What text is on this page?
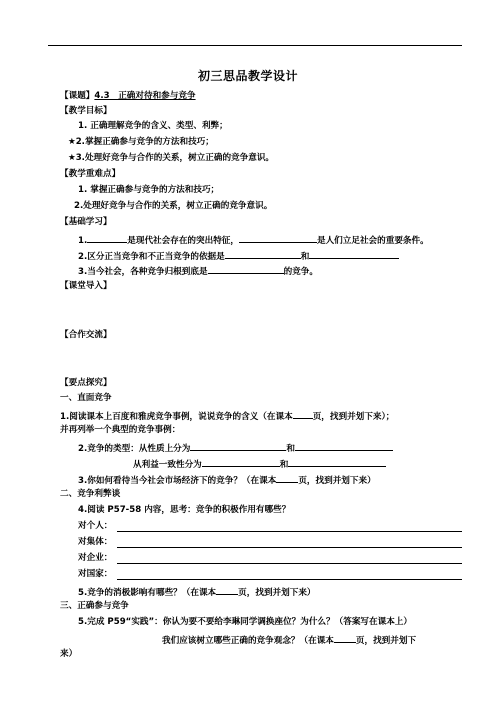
初三思品教学设计
【课题】4.3　正确对待和参与竞争
【教学目标】
1. 正确理解竞争的含义、类型、利弊；
★2.掌握正确参与竞争的方法和技巧；
★3.处理好竞争与合作的关系，树立正确的竞争意识。
【教学重难点】
1. 掌握正确参与竞争的方法和技巧；
2.处理好竞争与合作的关系，树立正确的竞争意识。
【基础学习】
1.	是现代社会存在的突出特征，	是人们立足社会的重要条件。
2.区分正当竞争和不正当竞争的依据是	和
3.当今社会，各种竞争归根到底是	的竞争。
【课堂导入】
【合作交流】
【要点探究】
一、直面竞争
1.阅读课本上百度和雅虎竞争事例，说说竞争的含义（在课本 页，找到并划下来）；
并再列举一个典型的竞争事例：
2.竞争的类型：从性质上分为	和
从利益一致性分为	和
3.你如何看待当今社会市场经济下的竞争？（在课本	页，找到并划下来）
二、竞争利弊谈
4.阅读 P57-58 内容，思考：竞争的积极作用有哪些？
对个人：
对集体：
对企业：
对国家：
5.竞争的消极影响有哪些？（在课本	页，找到并划下来）
三、正确参与竞争
5.完成 P59“实践”：你认为要不要给李琳同学调换座位？为什么？（答案写在课本上）
我们应该树立哪些正确的竞争观念？（在课本	页，找到并划下
来）
